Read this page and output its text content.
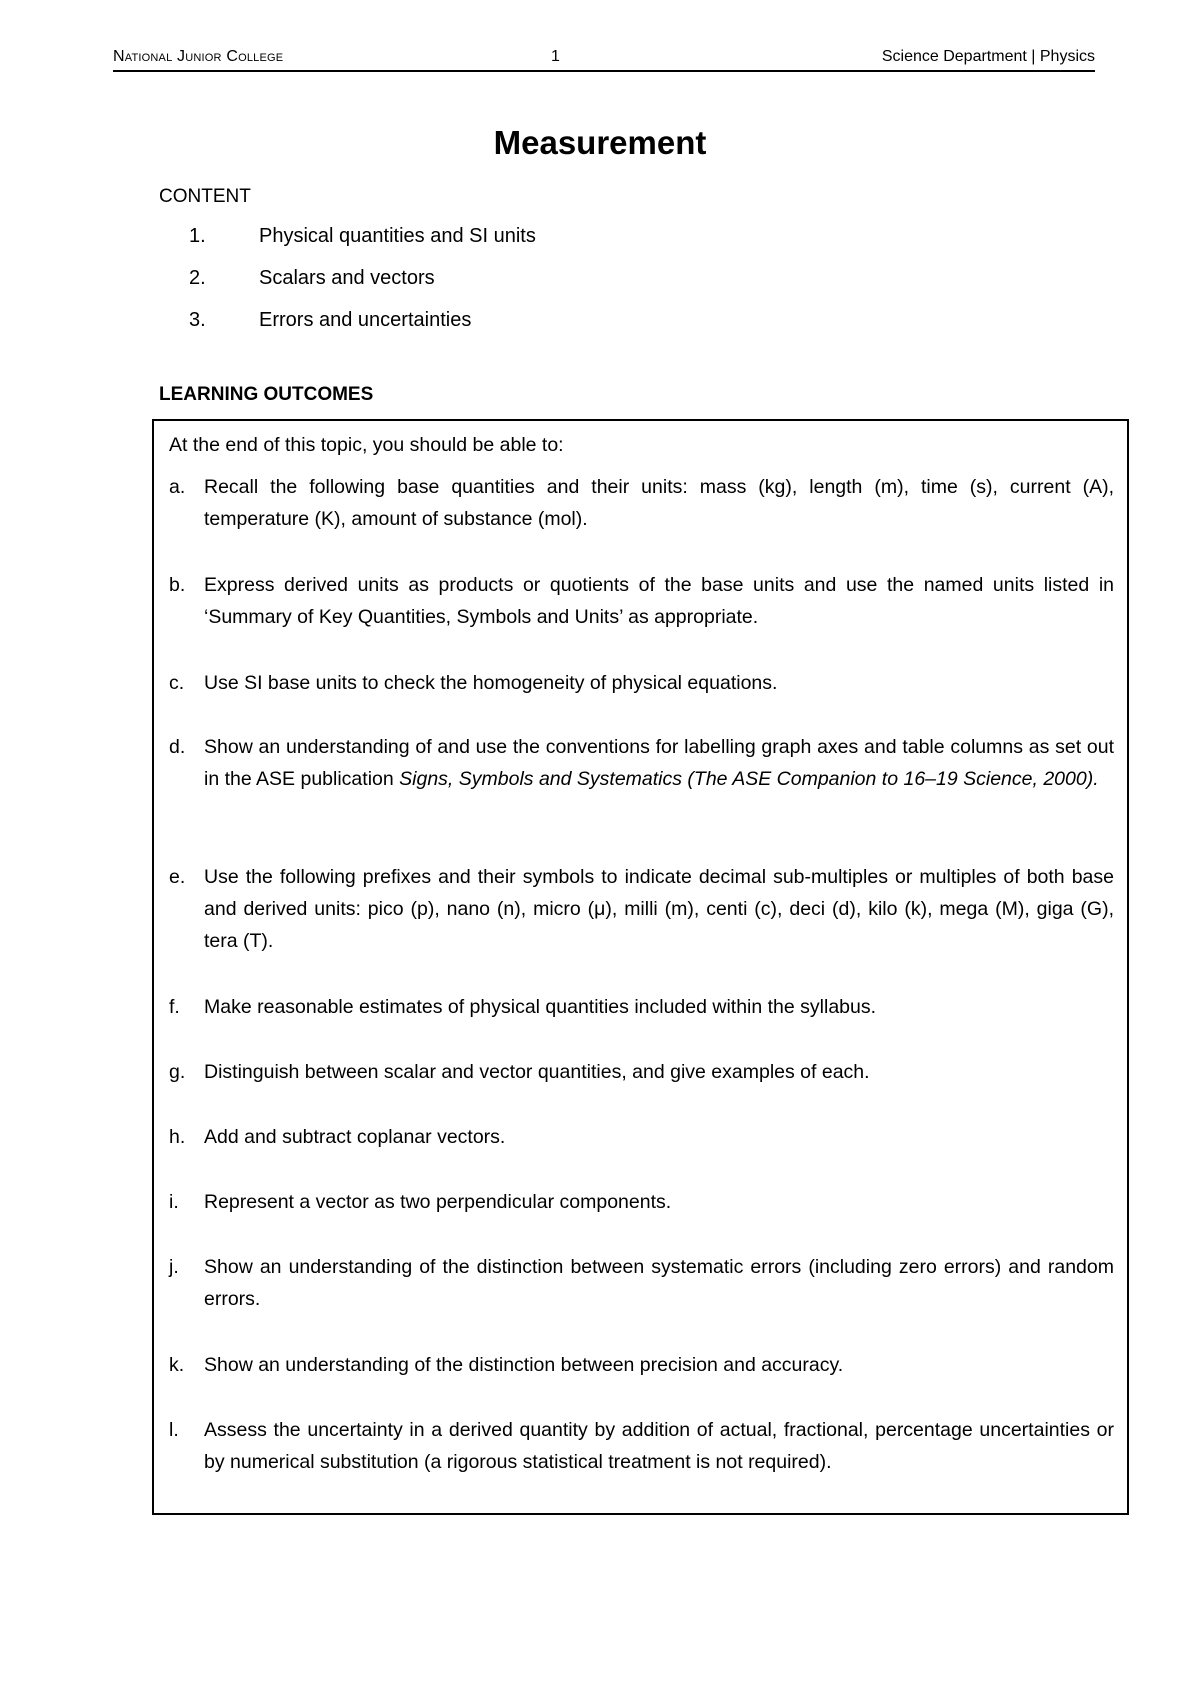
National Junior College	1	Science Department | Physics
Measurement
CONTENT
1.	Physical quantities and SI units
2.	Scalars and vectors
3.	Errors and uncertainties
LEARNING OUTCOMES
At the end of this topic, you should be able to:
a. Recall the following base quantities and their units: mass (kg), length (m), time (s), current (A), temperature (K), amount of substance (mol).
b. Express derived units as products or quotients of the base units and use the named units listed in ‘Summary of Key Quantities, Symbols and Units’ as appropriate.
c. Use SI base units to check the homogeneity of physical equations.
d. Show an understanding of and use the conventions for labelling graph axes and table columns as set out in the ASE publication Signs, Symbols and Systematics (The ASE Companion to 16–19 Science, 2000).
e. Use the following prefixes and their symbols to indicate decimal sub-multiples or multiples of both base and derived units: pico (p), nano (n), micro (μ), milli (m), centi (c), deci (d), kilo (k), mega (M), giga (G), tera (T).
f. Make reasonable estimates of physical quantities included within the syllabus.
g. Distinguish between scalar and vector quantities, and give examples of each.
h. Add and subtract coplanar vectors.
i. Represent a vector as two perpendicular components.
j. Show an understanding of the distinction between systematic errors (including zero errors) and random errors.
k. Show an understanding of the distinction between precision and accuracy.
l. Assess the uncertainty in a derived quantity by addition of actual, fractional, percentage uncertainties or by numerical substitution (a rigorous statistical treatment is not required).
